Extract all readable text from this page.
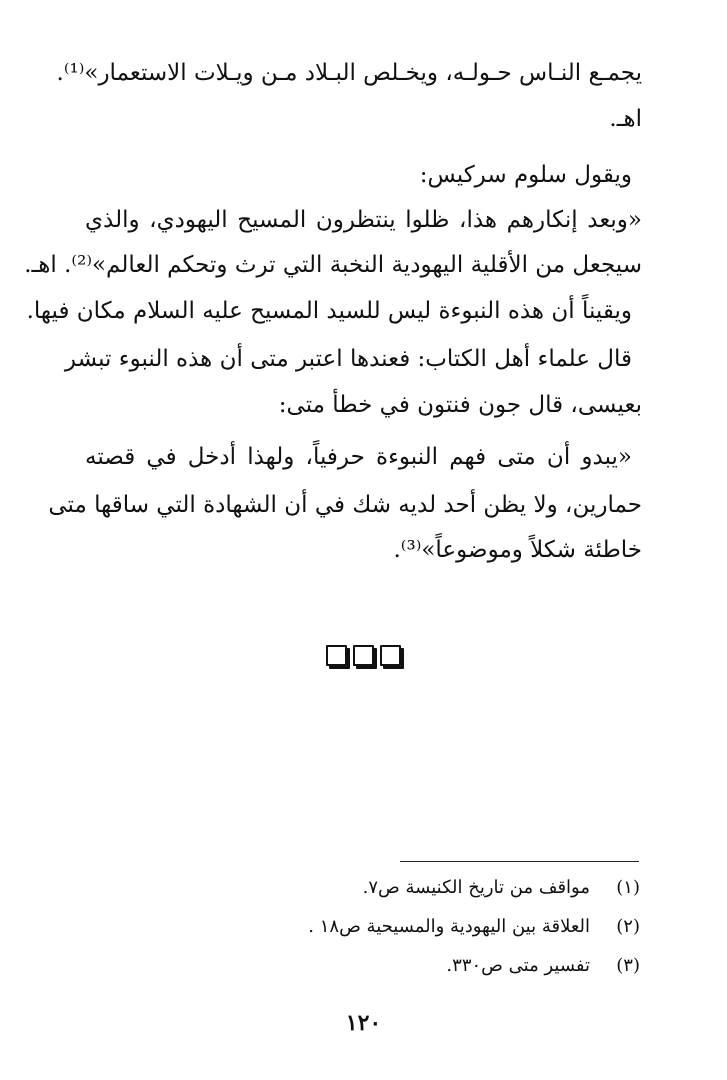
يجمـع النـاس حـولـه، ويخـلص البـلاد مـن ويـلات الاستعمار»⁽¹⁾.
اهـ.
ويقول سلوم سركيس:
«وبعد إنكارهم هذا، ظلوا ينتظرون المسيح اليهودي، والذي
سيجعل من الأقلية اليهودية النخبة التي ترث وتحكم العالم»⁽²⁾. اهـ.
ويقيناً أن هذه النبوءة ليس للسيد المسيح عليه السلام مكان فيها.
قال علماء أهل الكتاب: فعندها اعتبر متى أن هذه النبوء تبشر
بعيسى، قال جون فنتون في خطأ متى:
«يبدو أن متى فهم النبوءة حرفياً، ولهذا أدخل في قصته
حمارين، ولا يظن أحد لديه شك في أن الشهادة التي ساقها متى
خاطئة شكلاً وموضوعاً»⁽³⁾.
(١)مواقف من تاريخ الكنيسة ص٧.
(٢)العلاقة بين اليهودية والمسيحية ص١٨ .
(٣)تفسير متى ص٣٣٠.
١٢٠
